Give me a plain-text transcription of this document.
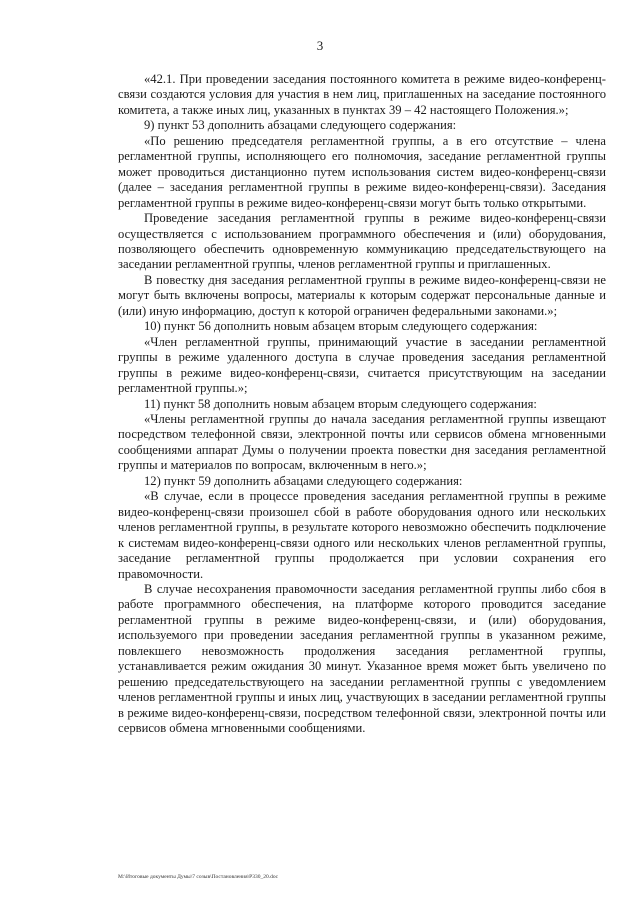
3

«42.1. При проведении заседания постоянного комитета в режиме видео-конференц-связи создаются условия для участия в нем лиц, приглашенных на заседание постоянного комитета, а также иных лиц, указанных в пунктах 39 – 42 настоящего Положения.»;

9) пункт 53 дополнить абзацами следующего содержания:

«По решению председателя регламентной группы, а в его отсутствие – члена регламентной группы, исполняющего его полномочия, заседание регламентной группы может проводиться дистанционно путем использования систем видео-конференц-связи (далее – заседания регламентной группы в режиме видео-конференц-связи). Заседания регламентной группы в режиме видео-конференц-связи могут быть только открытыми.

Проведение заседания регламентной группы в режиме видео-конференц-связи осуществляется с использованием программного обеспечения и (или) оборудования, позволяющего обеспечить одновременную коммуникацию председательствующего на заседании регламентной группы, членов регламентной группы и приглашенных.

В повестку дня заседания регламентной группы в режиме видео-конференц-связи не могут быть включены вопросы, материалы к которым содержат персональные данные и (или) иную информацию, доступ к которой ограничен федеральными законами.»;

10) пункт 56 дополнить новым абзацем вторым следующего содержания:

«Член регламентной группы, принимающий участие в заседании регламентной группы в режиме удаленного доступа в случае проведения заседания регламентной группы в режиме видео-конференц-связи, считается присутствующим на заседании регламентной группы.»;

11) пункт 58 дополнить новым абзацем вторым следующего содержания:

«Члены регламентной группы до начала заседания регламентной группы извещают посредством телефонной связи, электронной почты или сервисов обмена мгновенными сообщениями аппарат Думы о получении проекта повестки дня заседания регламентной группы и материалов по вопросам, включенным в него.»;

12) пункт 59 дополнить абзацами следующего содержания:

«В случае, если в процессе проведения заседания регламентной группы в режиме видео-конференц-связи произошел сбой в работе оборудования одного или нескольких членов регламентной группы, в результате которого невозможно обеспечить подключение к системам видео-конференц-связи одного или нескольких членов регламентной группы, заседание регламентной группы продолжается при условии сохранения его правомочности.

В случае несохранения правомочности заседания регламентной группы либо сбоя в работе программного обеспечения, на платформе которого проводится заседание регламентной группы в режиме видео-конференц-связи, и (или) оборудования, используемого при проведении заседания регламентной группы в указанном режиме, повлекшего невозможность продолжения заседания регламентной группы, устанавливается режим ожидания 30 минут. Указанное время может быть увеличено по решению председательствующего на заседании регламентной группы с уведомлением членов регламентной группы и иных лиц, участвующих в заседании регламентной группы в режиме видео-конференц-связи, посредством телефонной связи, электронной почты или сервисов обмена мгновенными сообщениями.

M:\Итоговые документы Думы\7 созыв\Постановления\Р330_20.doc
